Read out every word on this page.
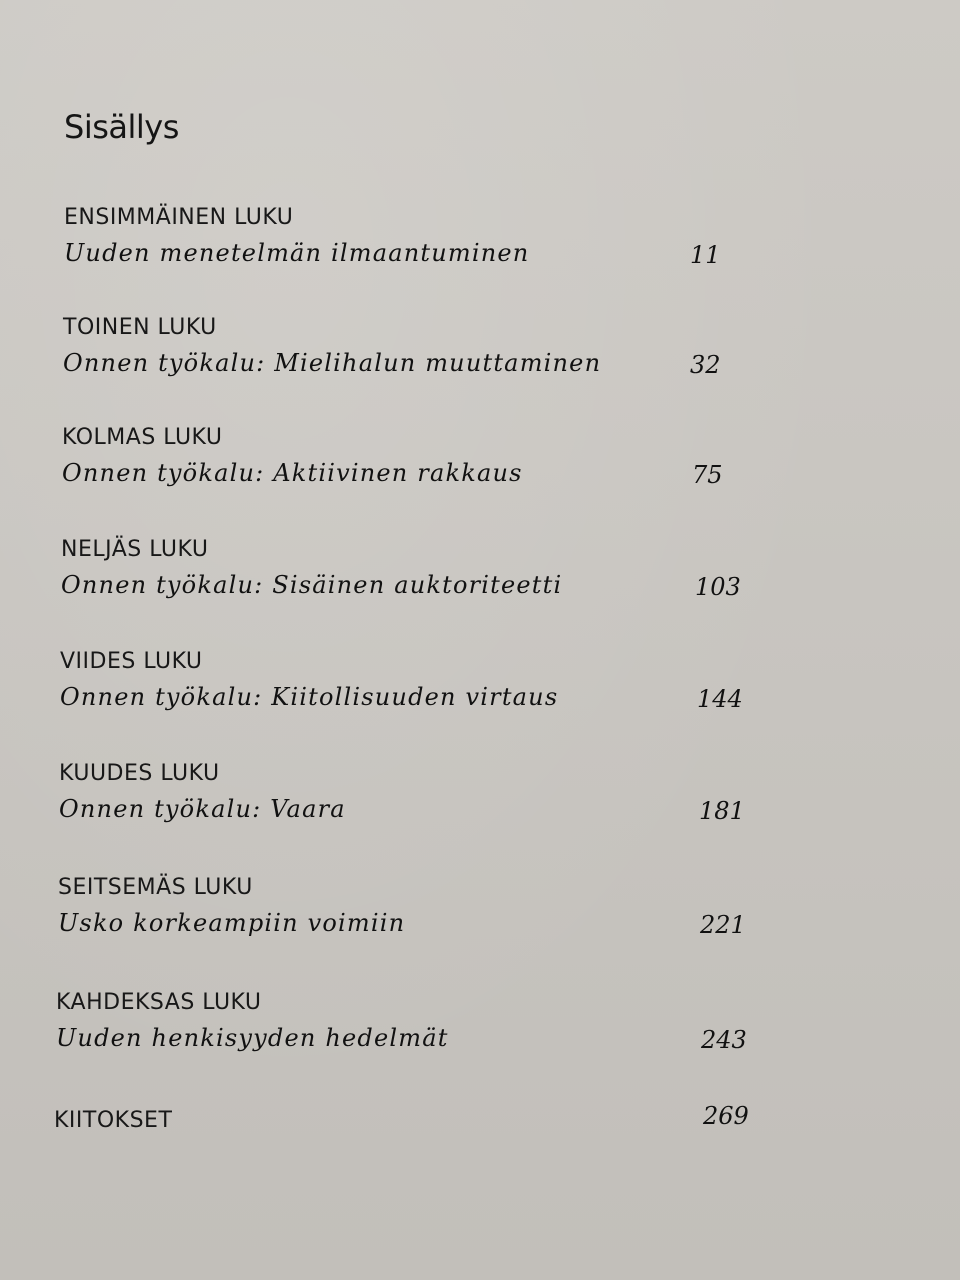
Sisällys
ENSIMMÄINEN LUKU
Uuden menetelmän ilmaantuminen	11
TOINEN LUKU
Onnen työkalu: Mielihalun muuttaminen	32
KOLMAS LUKU
Onnen työkalu: Aktiivinen rakkaus	75
NELJÄS LUKU
Onnen työkalu: Sisäinen auktoriteetti	103
VIIDES LUKU
Onnen työkalu: Kiitollisuuden virtaus	144
KUUDES LUKU
Onnen työkalu: Vaara	181
SEITSEMÄS LUKU
Usko korkeampiin voimiin	221
KAHDEKSAS LUKU
Uuden henkisyyden hedelmät	243
KIITOKSET	269
